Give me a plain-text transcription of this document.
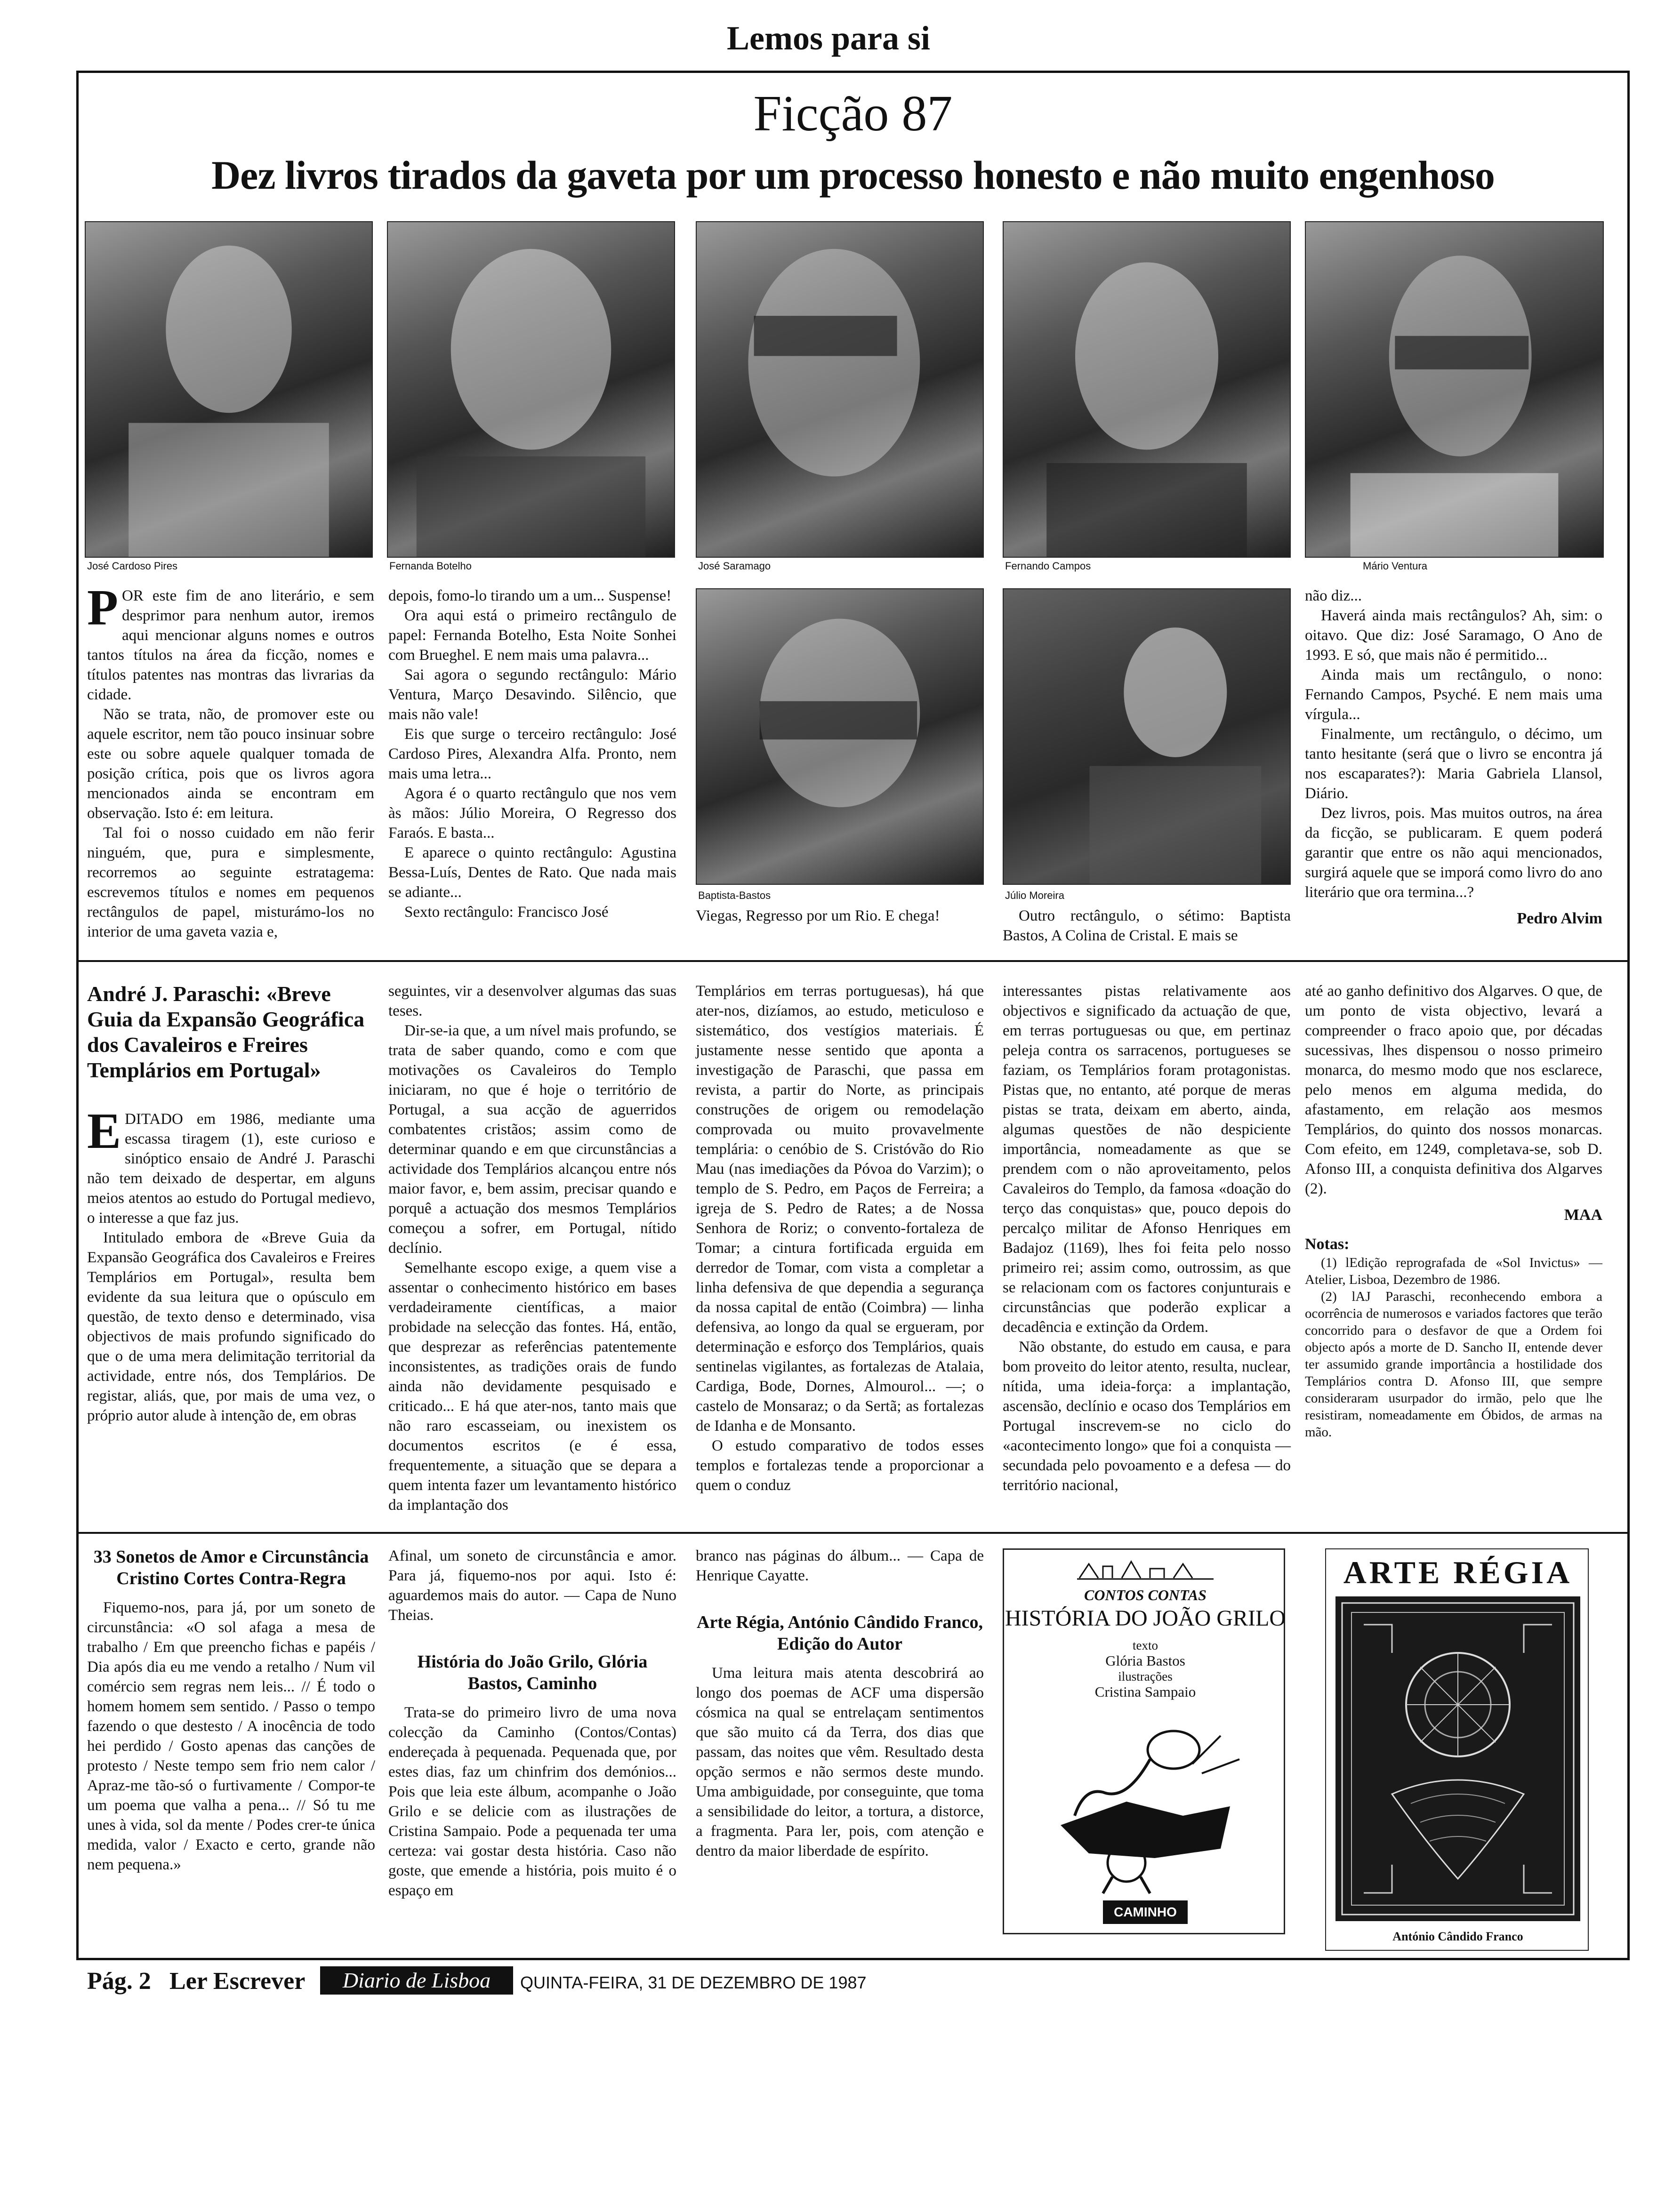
Lemos para si
Ficção 87
Dez livros tirados da gaveta por um processo honesto e não muito engenhoso
José Cardoso Pires	Fernanda Botelho	José Saramago	Fernando Campos	Mário Ventura
Baptista-Bastos	Júlio Moreira

POR este fim de ano literário, e sem desprimor para nenhum autor, iremos aqui mencionar alguns nomes e outros tantos títulos na área da ficção, nomes e títulos patentes nas montras das livrarias da cidade.

Não se trata, não, de promover este ou aquele escritor, nem tão pouco insinuar sobre este ou sobre aquele qualquer tomada de posição crítica, pois que os livros agora mencionados ainda se encontram em observação. Isto é: em leitura.

Tal foi o nosso cuidado em não ferir ninguém, que, pura e simplesmente, recorremos ao seguinte estratagema: escrevemos títulos e nomes em pequenos rectângulos de papel, misturámo-los no interior de uma gaveta vazia e,

depois, fomo-lo tirando um a um... Suspense!

Ora aqui está o primeiro rectângulo de papel: Fernanda Botelho, Esta Noite Sonhei com Brueghel. E nem mais uma palavra...

Sai agora o segundo rectângulo: Mário Ventura, Março Desavindo. Silêncio, que mais não vale!

Eis que surge o terceiro rectângulo: José Cardoso Pires, Alexandra Alfa. Pronto, nem mais uma letra...

Agora é o quarto rectângulo que nos vem às mãos: Júlio Moreira, O Regresso dos Faraós. E basta...

E aparece o quinto rectângulo: Agustina Bessa-Luís, Dentes de Rato. Que nada mais se adiante...

Sexto rectângulo: Francisco José	Viegas, Regresso por um Rio. E chega!	Outro rectângulo, o sétimo: Baptista Bastos, A Colina de Cristal. E mais se

não diz...

Haverá ainda mais rectângulos? Ah, sim: o oitavo. Que diz: José Saramago, O Ano de 1993. E só, que mais não é permitido...

Ainda mais um rectângulo, o nono: Fernando Campos, Psyché. E nem mais uma vírgula...

Finalmente, um rectângulo, o décimo, um tanto hesitante (será que o livro se encontra já nos escaparates?): Maria Gabriela Llansol, Diário.

Dez livros, pois. Mas muitos outros, na área da ficção, se publicaram. E quem poderá garantir que entre os não aqui mencionados, surgirá aquele que se imporá como livro do ano literário que ora termina...?

Pedro Alvim
André J. Paraschi: «Breve Guia da Expansão Geográfica dos Cavaleiros e Freires Templários em Portugal»

EDITADO em 1986, mediante uma escassa tiragem (1), este curioso e sinóptico ensaio de André J. Paraschi não tem deixado de despertar, em alguns meios atentos ao estudo do Portugal medievo, o interesse a que faz jus.

Intitulado embora de «Breve Guia da Expansão Geográfica dos Cavaleiros e Freires Templários em Portugal», resulta bem evidente da sua leitura que o opúsculo em questão, de texto denso e determinado, visa objectivos de mais profundo significado do que o de uma mera delimitação territorial da actividade, entre nós, dos Templários. De registar, aliás, que, por mais de uma vez, o próprio autor alude à intenção de, em obras

seguintes, vir a desenvolver algumas das suas teses.

Dir-se-ia que, a um nível mais profundo, se trata de saber quando, como e com que motivações os Cavaleiros do Templo iniciaram, no que é hoje o território de Portugal, a sua acção de aguerridos combatentes cristãos; assim como de determinar quando e em que circunstâncias a actividade dos Templários alcançou entre nós maior favor, e, bem assim, precisar quando e porquê a actuação dos mesmos Templários começou a sofrer, em Portugal, nítido declínio.

Semelhante escopo exige, a quem vise a assentar o conhecimento histórico em bases verdadeiramente científicas, a maior probidade na selecção das fontes. Há, então, que desprezar as referências patentemente inconsistentes, as tradições orais de fundo ainda não devidamente pesquisado e criticado... E há que ater-nos, tanto mais que não raro escasseiam, ou inexistem os documentos escritos (e é essa, frequentemente, a situação que se depara a quem intenta fazer um levantamento histórico da implantação dos

Templários em terras portuguesas), há que ater-nos, dizíamos, ao estudo, meticuloso e sistemático, dos vestígios materiais. É justamente nesse sentido que aponta a investigação de Paraschi, que passa em revista, a partir do Norte, as principais construções de origem ou remodelação comprovada ou muito provavelmente templária: o cenóbio de S. Cristóvão do Rio Mau (nas imediações da Póvoa do Varzim); o templo de S. Pedro, em Paços de Ferreira; a igreja de S. Pedro de Rates; a de Nossa Senhora de Roriz; o convento-fortaleza de Tomar; a cintura fortificada erguida em derredor de Tomar, com vista a completar a linha defensiva de que dependia a segurança da nossa capital de então (Coimbra) — linha defensiva, ao longo da qual se ergueram, por determinação e esforço dos Templários, quais sentinelas vigilantes, as fortalezas de Atalaia, Cardiga, Bode, Dornes, Almourol... —; o castelo de Monsaraz; o da Sertã; as fortalezas de Idanha e de Monsanto.

O estudo comparativo de todos esses templos e fortalezas tende a proporcionar a quem o conduz

interessantes pistas relativamente aos objectivos e significado da actuação de que, em terras portuguesas ou que, em pertinaz peleja contra os sarracenos, portugueses se faziam, os Templários foram protagonistas. Pistas que, no entanto, até porque de meras pistas se trata, deixam em aberto, ainda, algumas questões de não despiciente importância, nomeadamente as que se prendem com o não aproveitamento, pelos Cavaleiros do Templo, da famosa «doação do terço das conquistas» que, pouco depois do percalço militar de Afonso Henriques em Badajoz (1169), lhes foi feita pelo nosso primeiro rei; assim como, outrossim, as que se relacionam com os factores conjunturais e circunstâncias que poderão explicar a decadência e extinção da Ordem.

Não obstante, do estudo em causa, e para bom proveito do leitor atento, resulta, nuclear, nítida, uma ideia-força: a implantação, ascensão, declínio e ocaso dos Templários em Portugal inscrevem-se no ciclo do «acontecimento longo» que foi a conquista — secundada pelo povoamento e a defesa — do território nacional,

até ao ganho definitivo dos Algarves. O que, de um ponto de vista objectivo, levará a compreender o fraco apoio que, por décadas sucessivas, lhes dispensou o nosso primeiro monarca, do mesmo modo que nos esclarece, pelo menos em alguma medida, do afastamento, em relação aos mesmos Templários, do quinto dos nossos monarcas. Com efeito, em 1249, completava-se, sob D. Afonso III, a conquista definitiva dos Algarves (2).

MAA
Notas:

(1) lEdição reprografada de «Sol Invictus» — Atelier, Lisboa, Dezembro de 1986.

(2) lAJ Paraschi, reconhecendo embora a ocorrência de numerosos e variados factores que terão concorrido para o desfavor de que a Ordem foi objecto após a morte de D. Sancho II, entende dever ter assumido grande importância a hostilidade dos Templários contra D. Afonso III, que sempre consideraram usurpador do irmão, pelo que lhe resistiram, nomeadamente em Óbidos, de armas na mão.

33 Sonetos de Amor e Circunstância Cristino Cortes Contra-Regra

Fiquemo-nos, para já, por um soneto de circunstância: «O sol afaga a mesa de trabalho / Em que preencho fichas e papéis / Dia após dia eu me vendo a retalho / Num vil comércio sem regras nem leis... // É todo o homem homem sem sentido. / Passo o tempo fazendo o que destesto / A inocência de todo hei perdido / Gosto apenas das canções de protesto / Neste tempo sem frio nem calor / Apraz-me tão-só o furtivamente / Compor-te um poema que valha a pena... // Só tu me unes à vida, sol da mente / Podes crer-te única medida, valor / Exacto e certo, grande não nem pequena.»

Afinal, um soneto de circunstância e amor. Para já, fiquemo-nos por aqui. Isto é: aguardemos mais do autor. — Capa de Nuno Theias.

História do João Grilo, Glória Bastos, Caminho

Trata-se do primeiro livro de uma nova colecção da Caminho (Contos/Contas) endereçada à pequenada. Pequenada que, por estes dias, faz um chinfrim dos demónios... Pois que leia este álbum, acompanhe o João Grilo e se delicie com as ilustrações de Cristina Sampaio. Pode a pequenada ter uma certeza: vai gostar desta história. Caso não goste, que emende a história, pois muito é o espaço em

branco nas páginas do álbum... — Capa de Henrique Cayatte.

Arte Régia, António Cândido Franco, Edição do Autor

Uma leitura mais atenta descobrirá ao longo dos poemas de ACF uma dispersão cósmica na qual se entrelaçam sentimentos que são muito cá da Terra, dos dias que passam, das noites que vêm. Resultado desta opção sermos e não sermos deste mundo. Uma ambiguidade, por conseguinte, que toma a sensibilidade do leitor, a tortura, a distorce, a fragmenta. Para ler, pois, com atenção e dentro da maior liberdade de espírito.

CONTOS CONTAS
HISTÓRIA DO JOÃO GRILO
texto
Glória Bastos
ilustrações
Cristina Sampaio
CAMINHO
ARTE RÉGIA
António Cândido Franco
Pág. 2 Ler Escrever	Diario de Lisboa	QUINTA-FEIRA, 31 DE DEZEMBRO DE 1987
